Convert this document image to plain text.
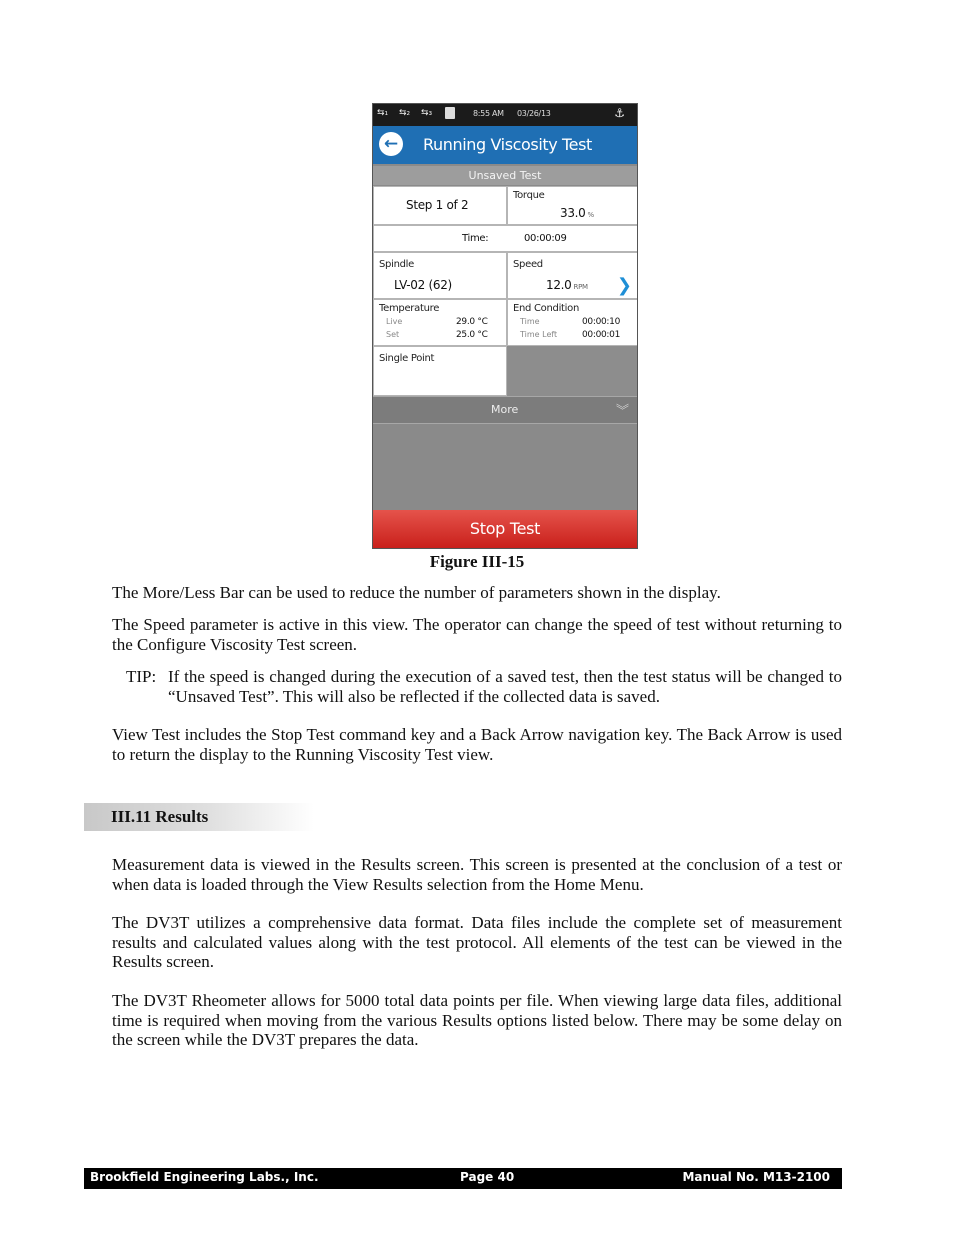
⇆₁ ⇆₂ ⇆₃	8:55 AM 03/26/13	⚓
←	Running Viscosity Test
Unsaved Test
Step 1 of 2
Torque
33.0 %
Time:	00:00:09
Spindle
LV-02 (62)
Speed
12.0 RPM ❯
Temperature
Live	29.0 °C
Set	25.0 °C
End Condition
Time	00:00:10
Time Left	00:00:01
Single Point
More	︾
Stop Test
Figure III-15

The More/Less Bar can be used to reduce the number of parameters shown in the display.

The Speed parameter is active in this view. The operator can change the speed of test without returning to the Configure Viscosity Test screen.

TIP: If the speed is changed during the execution of a saved test, then the test status will be changed to “Unsaved Test”. This will also be reflected if the collected data is saved.

View Test includes the Stop Test command key and a Back Arrow navigation key. The Back Arrow is used to return the display to the Running Viscosity Test view.

III.11 Results

Measurement data is viewed in the Results screen. This screen is presented at the conclusion of a test or when data is loaded through the View Results selection from the Home Menu.

The DV3T utilizes a comprehensive data format. Data files include the complete set of measurement results and calculated values along with the test protocol. All elements of the test can be viewed in the Results screen.

The DV3T Rheometer allows for 5000 total data points per file. When viewing large data files, additional time is required when moving from the various Results options listed below. There may be some delay on the screen while the DV3T prepares the data.

Brookfield Engineering Labs., Inc.	Page 40	Manual No. M13-2100
